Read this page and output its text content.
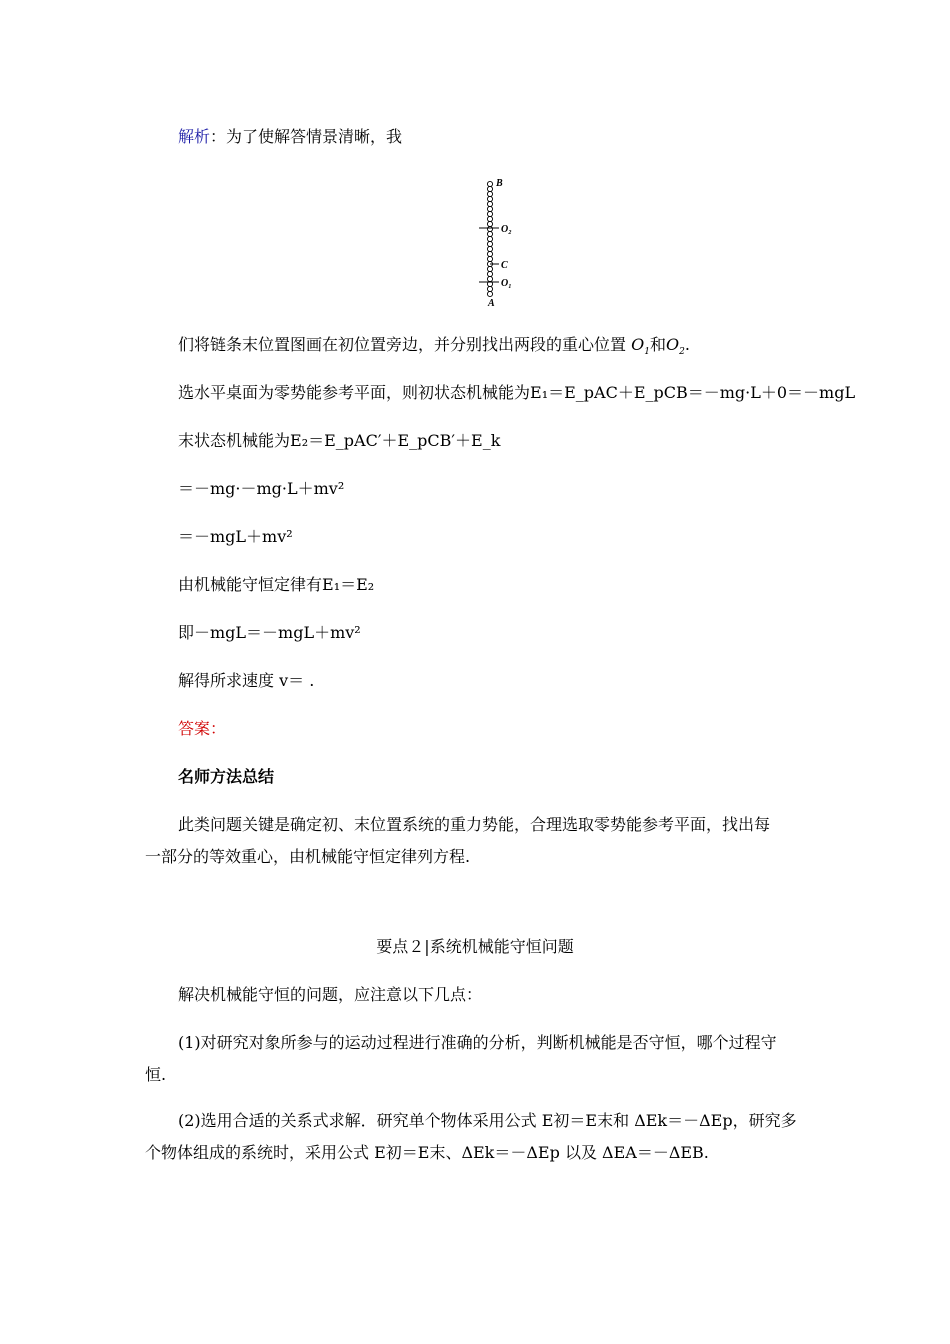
解析：为了使解答情景清晰，我
B
O₂
C
O₁
A
们将链条末位置图画在初位置旁边，并分别找出两段的重心位置 $O_1$和$O_2$.
选水平桌面为零势能参考平面，则初状态机械能为E₁＝E_pAC＋E_pCB＝－mg·L＋0＝－mgL
末状态机械能为E₂＝E_pAC′＋E_pCB′＋E_k
＝－mg·－mg·L＋mv²
＝－mgL＋mv²
由机械能守恒定律有E₁＝E₂
即－mgL＝－mgL＋mv²
解得所求速度 v＝ .
答案：
名师方法总结
此类问题关键是确定初、末位置系统的重力势能，合理选取零势能参考平面，找出每
一部分的等效重心，由机械能守恒定律列方程.
要点２|系统机械能守恒问题
解决机械能守恒的问题，应注意以下几点：
(1)对研究对象所参与的运动过程进行准确的分析，判断机械能是否守恒，哪个过程守
恒.
(2)选用合适的关系式求解．研究单个物体采用公式 E初＝E末和 ΔEk＝－ΔEp，研究多
个物体组成的系统时，采用公式 E初＝E末、ΔEk＝－ΔEp 以及 ΔEA＝－ΔEB.
